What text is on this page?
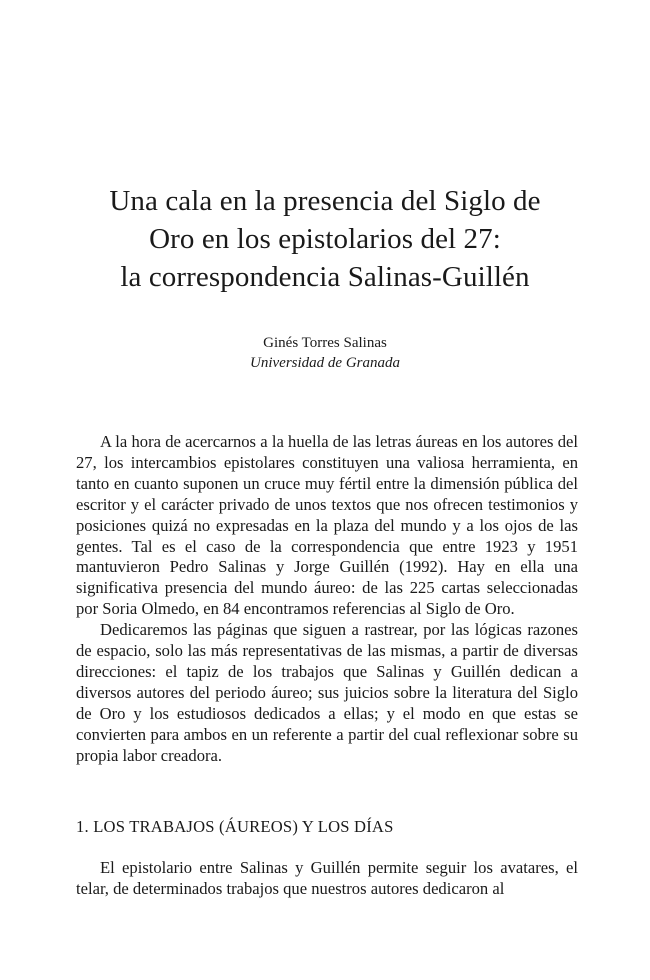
Una cala en la presencia del Siglo de
Oro en los epistolarios del 27:
la correspondencia Salinas-Guillén
Ginés Torres Salinas
Universidad de Granada

A la hora de acercarnos a la huella de las letras áureas en los autores del 27, los intercambios epistolares constituyen una valiosa herramienta, en tanto en cuanto suponen un cruce muy fértil entre la dimensión pública del escritor y el carácter privado de unos textos que nos ofrecen testimonios y posiciones quizá no expresadas en la plaza del mundo y a los ojos de las gentes. Tal es el caso de la correspondencia que entre 1923 y 1951 mantuvieron Pedro Salinas y Jorge Guillén (1992). Hay en ella una significativa presencia del mundo áureo: de las 225 cartas seleccionadas por Soria Olmedo, en 84 encontramos referencias al Siglo de Oro.

Dedicaremos las páginas que siguen a rastrear, por las lógicas razones de espacio, solo las más representativas de las mismas, a partir de diversas direcciones: el tapiz de los trabajos que Salinas y Guillén dedican a diversos autores del periodo áureo; sus juicios sobre la literatura del Siglo de Oro y los estudiosos dedicados a ellas; y el modo en que estas se convierten para ambos en un referente a partir del cual reflexionar sobre su propia labor creadora.

1. LOS TRABAJOS (ÁUREOS) Y LOS DÍAS

El epistolario entre Salinas y Guillén permite seguir los avatares, el telar, de determinados trabajos que nuestros autores dedicaron al
